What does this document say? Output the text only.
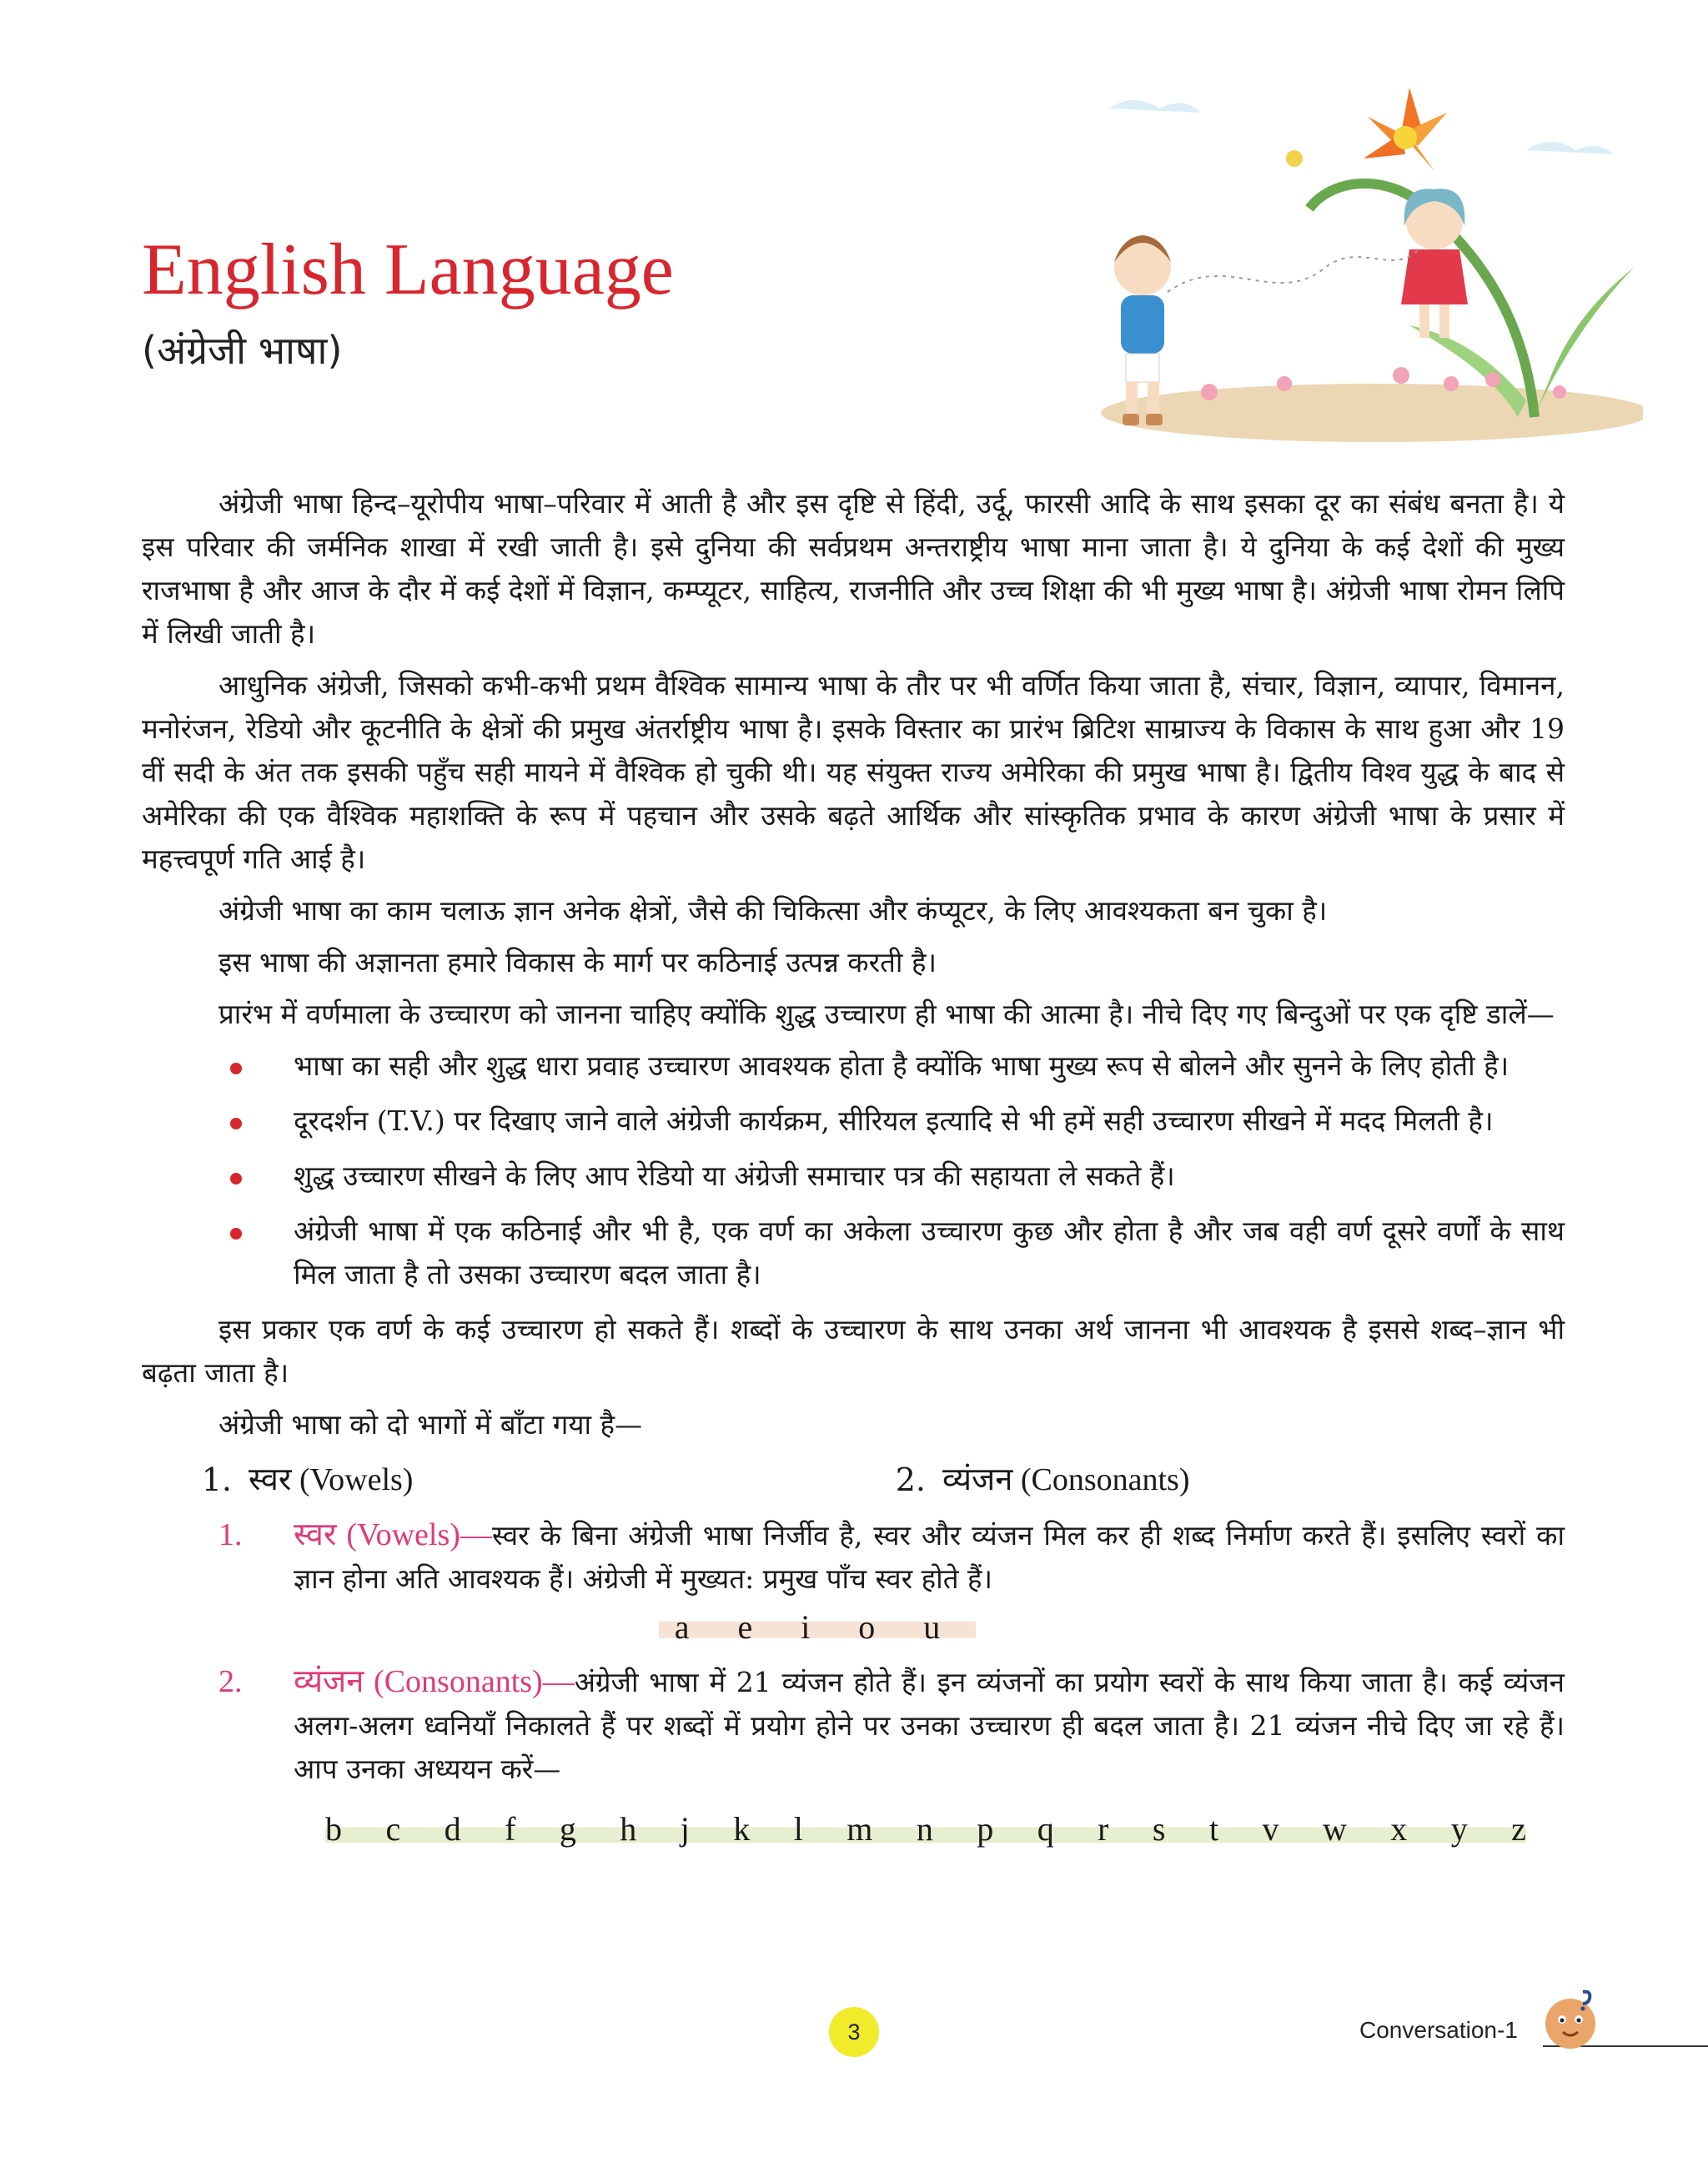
English Language
(अंग्रेजी भाषा)

अंग्रेजी भाषा हिन्द–यूरोपीय भाषा–परिवार में आती है और इस दृष्टि से हिंदी, उर्दू, फारसी आदि के साथ इसका दूर का संबंध बनता है। ये इस परिवार की जर्मनिक शाखा में रखी जाती है। इसे दुनिया की सर्वप्रथम अन्तराष्ट्रीय भाषा माना जाता है। ये दुनिया के कई देशों की मुख्य राजभाषा है और आज के दौर में कई देशों में विज्ञान, कम्प्यूटर, साहित्य, राजनीति और उच्च शिक्षा की भी मुख्य भाषा है। अंग्रेजी भाषा रोमन लिपि में लिखी जाती है।

आधुनिक अंग्रेजी, जिसको कभी-कभी प्रथम वैश्विक सामान्य भाषा के तौर पर भी वर्णित किया जाता है, संचार, विज्ञान, व्यापार, विमानन, मनोरंजन, रेडियो और कूटनीति के क्षेत्रों की प्रमुख अंतर्राष्ट्रीय भाषा है। इसके विस्तार का प्रारंभ ब्रिटिश साम्राज्य के विकास के साथ हुआ और 19 वीं सदी के अंत तक इसकी पहुँच सही मायने में वैश्विक हो चुकी थी। यह संयुक्त राज्य अमेरिका की प्रमुख भाषा है। द्वितीय विश्व युद्ध के बाद से अमेरिका की एक वैश्विक महाशक्ति के रूप में पहचान और उसके बढ़ते आर्थिक और सांस्कृतिक प्रभाव के कारण अंग्रेजी भाषा के प्रसार में महत्त्वपूर्ण गति आई है।

अंग्रेजी भाषा का काम चलाऊ ज्ञान अनेक क्षेत्रों, जैसे की चिकित्सा और कंप्यूटर, के लिए आवश्यकता बन चुका है।

इस भाषा की अज्ञानता हमारे विकास के मार्ग पर कठिनाई उत्पन्न करती है।

प्रारंभ में वर्णमाला के उच्चारण को जानना चाहिए क्योंकि शुद्ध उच्चारण ही भाषा की आत्मा है। नीचे दिए गए बिन्दुओं पर एक दृष्टि डालें—

भाषा का सही और शुद्ध धारा प्रवाह उच्चारण आवश्यक होता है क्योंकि भाषा मुख्य रूप से बोलने और सुनने के लिए होती है।
दूरदर्शन (T.V.) पर दिखाए जाने वाले अंग्रेजी कार्यक्रम, सीरियल इत्यादि से भी हमें सही उच्चारण सीखने में मदद मिलती है।
शुद्ध उच्चारण सीखने के लिए आप रेडियो या अंग्रेजी समाचार पत्र की सहायता ले सकते हैं।
अंग्रेजी भाषा में एक कठिनाई और भी है, एक वर्ण का अकेला उच्चारण कुछ और होता है और जब वही वर्ण दूसरे वर्णों के साथ मिल जाता है तो उसका उच्चारण बदल जाता है।

इस प्रकार एक वर्ण के कई उच्चारण हो सकते हैं। शब्दों के उच्चारण के साथ उनका अर्थ जानना भी आवश्यक है इससे शब्द–ज्ञान भी बढ़ता जाता है।

अंग्रेजी भाषा को दो भागों में बाँटा गया है—

1. स्वर (Vowels)	2. व्यंजन (Consonants)
1. स्वर (Vowels)—स्वर के बिना अंग्रेजी भाषा निर्जीव है, स्वर और व्यंजन मिल कर ही शब्द निर्माण करते हैं। इसलिए स्वरों का ज्ञान होना अति आवश्यक हैं। अंग्रेजी में मुख्यत: प्रमुख पाँच स्वर होते हैं।
a e i o u
2. व्यंजन (Consonants)—अंग्रेजी भाषा में 21 व्यंजन होते हैं। इन व्यंजनों का प्रयोग स्वरों के साथ किया जाता है। कई व्यंजन अलग-अलग ध्वनियाँ निकालते हैं पर शब्दों में प्रयोग होने पर उनका उच्चारण ही बदल जाता है। 21 व्यंजन नीचे दिए जा रहे हैं। आप उनका अध्ययन करें—
b c d f g h j k l m n p q r s t v w x y z
3	Conversation-1
